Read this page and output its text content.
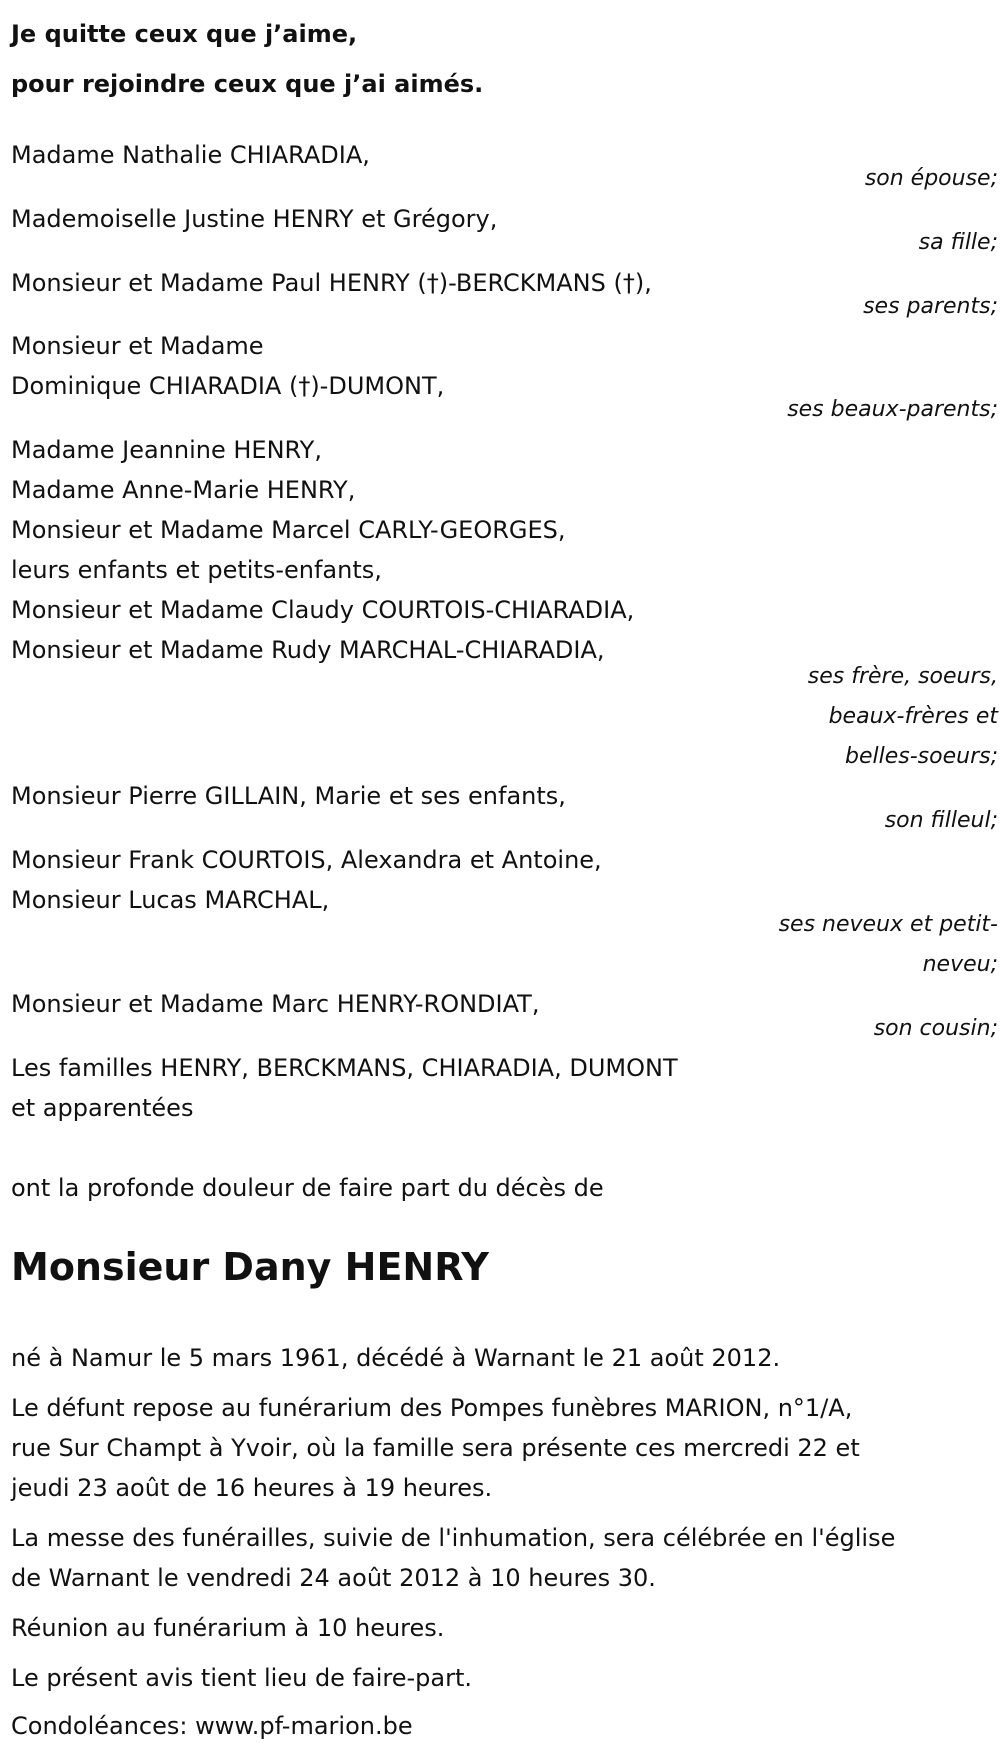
Je quitte ceux que j’aime,
pour rejoindre ceux que j’ai aimés.
Madame Nathalie CHIARADIA,
son épouse;
Mademoiselle Justine HENRY et Grégory,
sa fille;
Monsieur et Madame Paul HENRY (†)-BERCKMANS (†),
ses parents;
Monsieur et Madame
Dominique CHIARADIA (†)-DUMONT,
ses beaux-parents;
Madame Jeannine HENRY,
Madame Anne-Marie HENRY,
Monsieur et Madame Marcel CARLY-GEORGES,
leurs enfants et petits-enfants,
Monsieur et Madame Claudy COURTOIS-CHIARADIA,
Monsieur et Madame Rudy MARCHAL-CHIARADIA,
ses frère, soeurs,
beaux-frères et
belles-soeurs;
Monsieur Pierre GILLAIN, Marie et ses enfants,
son filleul;
Monsieur Frank COURTOIS, Alexandra et Antoine,
Monsieur Lucas MARCHAL,
ses neveux et petit-
neveu;
Monsieur et Madame Marc HENRY-RONDIAT,
son cousin;
Les familles HENRY, BERCKMANS, CHIARADIA, DUMONT
et apparentées
ont la profonde douleur de faire part du décès de
Monsieur Dany HENRY
né à Namur le 5 mars 1961, décédé à Warnant le 21 août 2012.
Le défunt repose au funérarium des Pompes funèbres MARION, n°1/A,
rue Sur Champt à Yvoir, où la famille sera présente ces mercredi 22 et
jeudi 23 août de 16 heures à 19 heures.
La messe des funérailles, suivie de l'inhumation, sera célébrée en l'église
de Warnant le vendredi 24 août 2012 à 10 heures 30.
Réunion au funérarium à 10 heures.
Le présent avis tient lieu de faire-part.
Condoléances: www.pf-marion.be
